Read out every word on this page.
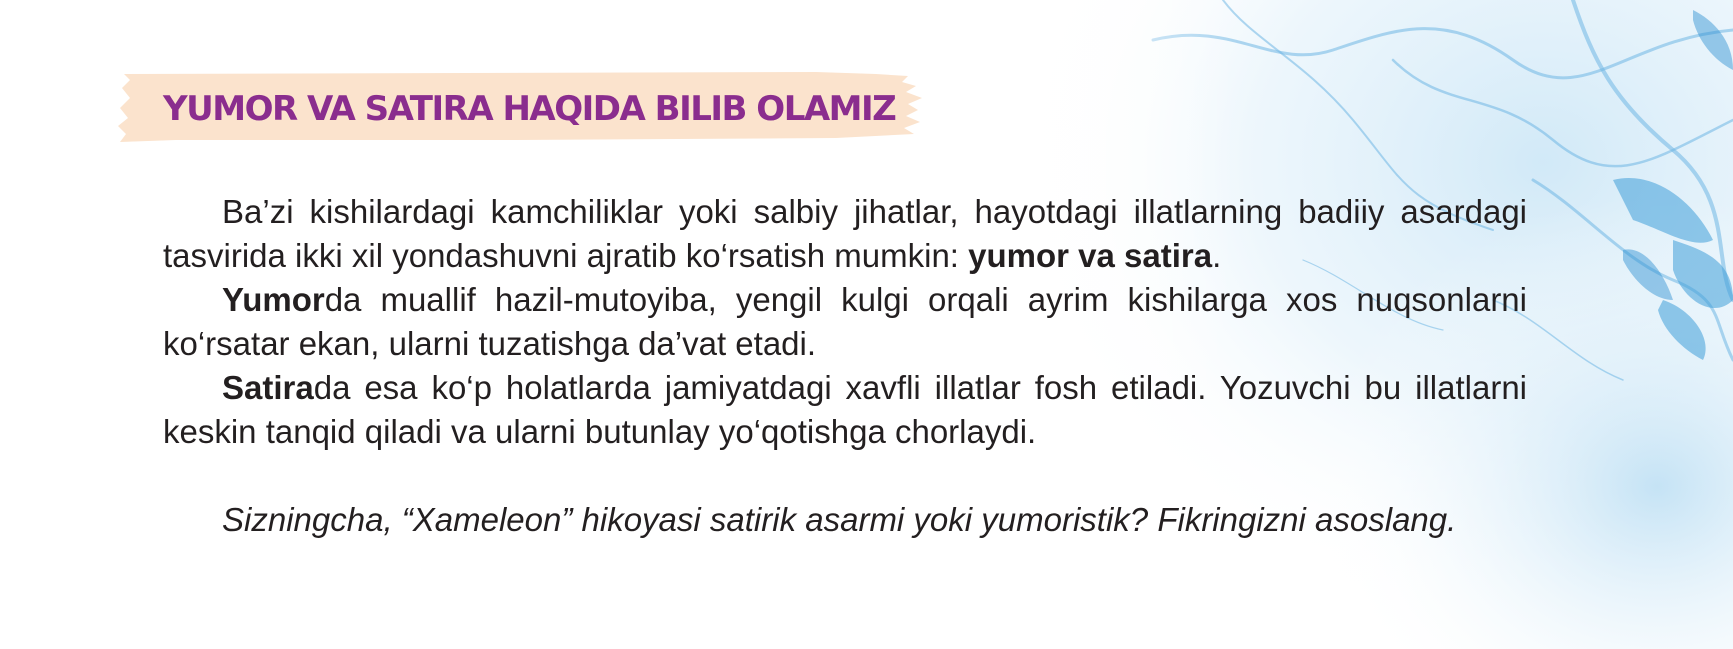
YUMOR VA SATIRA HAQIDA BILIB OLAMIZ

Ba’zi kishilardagi kamchiliklar yoki salbiy jihatlar, hayotdagi illatlarning badiiy asardagi tasvirida ikki xil yondashuvni ajratib ko‘rsatish mumkin: yumor va satira.

Yumorda muallif hazil-mutoyiba, yengil kulgi orqali ayrim kishilarga xos nuqsonlarni ko‘rsatar ekan, ularni tuzatishga da’vat etadi.

Satirada esa ko‘p holatlarda jamiyatdagi xavfli illatlar fosh etiladi. Yozuvchi bu illatlarni keskin tanqid qiladi va ularni butunlay yo‘qotishga chorlaydi.

Sizningcha, “Xameleon” hikoyasi satirik asarmi yoki yumoristik? Fikringizni asoslang.
